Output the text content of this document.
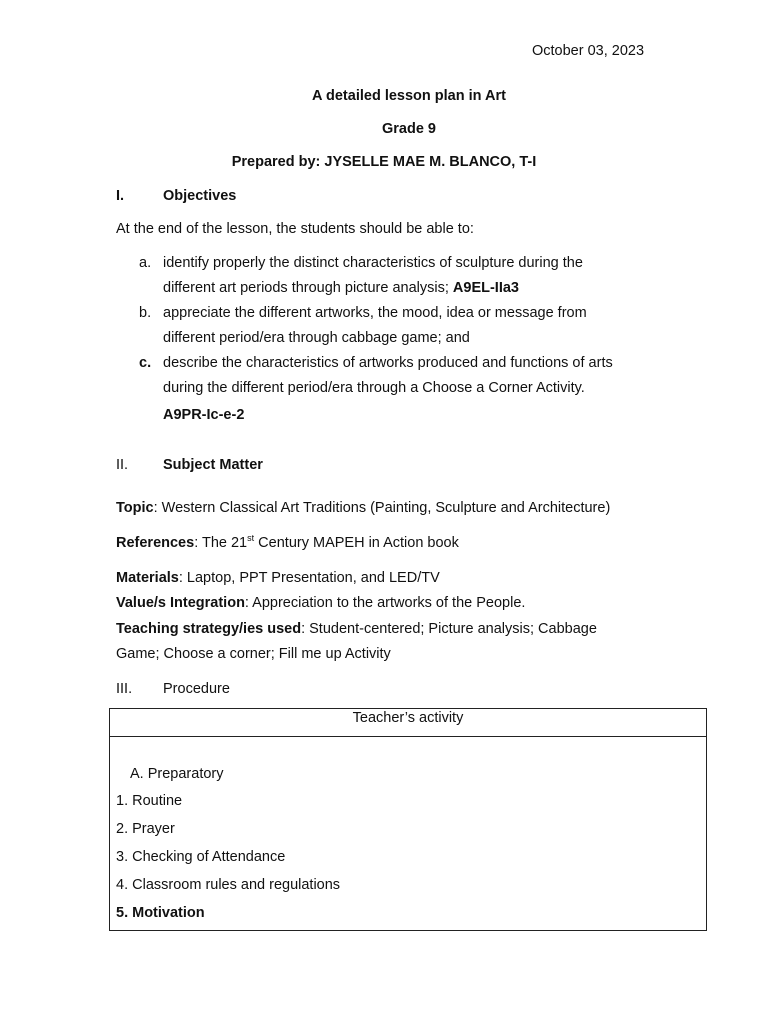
October 03, 2023
A detailed lesson plan in Art
Grade 9
Prepared by: JYSELLE MAE M. BLANCO, T-I
I.	Objectives
At the end of the lesson, the students should be able to:
a. identify properly the distinct characteristics of sculpture during the
different art periods through picture analysis; A9EL-IIa3
b. appreciate the different artworks, the mood, idea or message from
different period/era through cabbage game; and
c. describe the characteristics of artworks produced and functions of arts
during the different period/era through a Choose a Corner Activity.
A9PR-Ic-e-2
II. Subject Matter
Topic: Western Classical Art Traditions (Painting, Sculpture and Architecture)
References: The 21st Century MAPEH in Action book
Materials: Laptop, PPT Presentation, and LED/TV
Value/s Integration: Appreciation to the artworks of the People.
Teaching strategy/ies used: Student-centered; Picture analysis; Cabbage
Game; Choose a corner; Fill me up Activity
III. Procedure
Teacher’s activity
A. Preparatory
1. Routine
2. Prayer
3. Checking of Attendance
4. Classroom rules and regulations
5. Motivation
